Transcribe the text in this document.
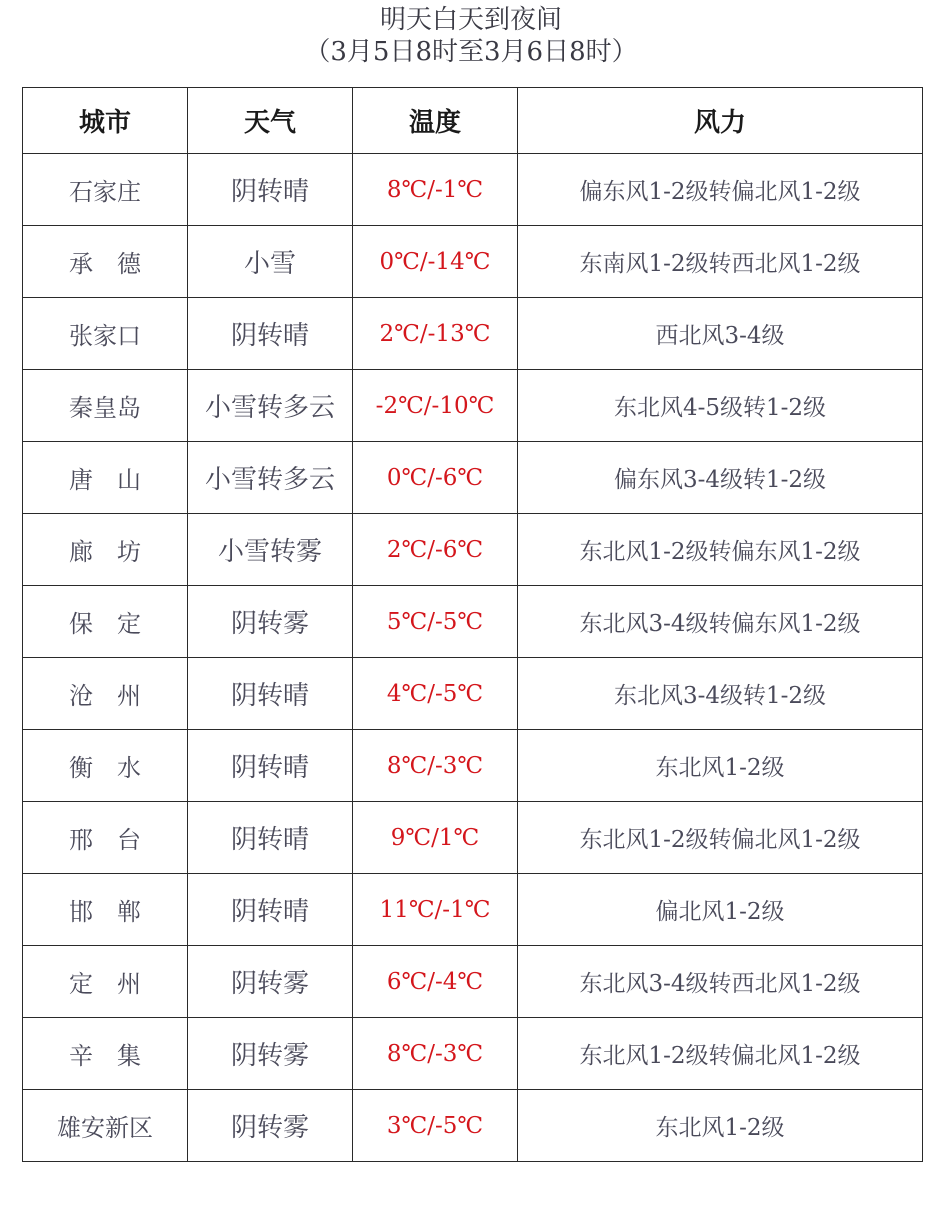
明天白天到夜间
（3月5日8时至3月6日8时）
城市	天气	温度	风力
石家庄	阴转晴	8℃/-1℃	偏东风1-2级转偏北风1-2级
承　德	小雪	0℃/-14℃	东南风1-2级转西北风1-2级
张家口	阴转晴	2℃/-13℃	西北风3-4级
秦皇岛	小雪转多云	-2℃/-10℃	东北风4-5级转1-2级
唐　山	小雪转多云	0℃/-6℃	偏东风3-4级转1-2级
廊　坊	小雪转雾	2℃/-6℃	东北风1-2级转偏东风1-2级
保　定	阴转雾	5℃/-5℃	东北风3-4级转偏东风1-2级
沧　州	阴转晴	4℃/-5℃	东北风3-4级转1-2级
衡　水	阴转晴	8℃/-3℃	东北风1-2级
邢　台	阴转晴	9℃/1℃	东北风1-2级转偏北风1-2级
邯　郸	阴转晴	11℃/-1℃	偏北风1-2级
定　州	阴转雾	6℃/-4℃	东北风3-4级转西北风1-2级
辛　集	阴转雾	8℃/-3℃	东北风1-2级转偏北风1-2级
雄安新区	阴转雾	3℃/-5℃	东北风1-2级
